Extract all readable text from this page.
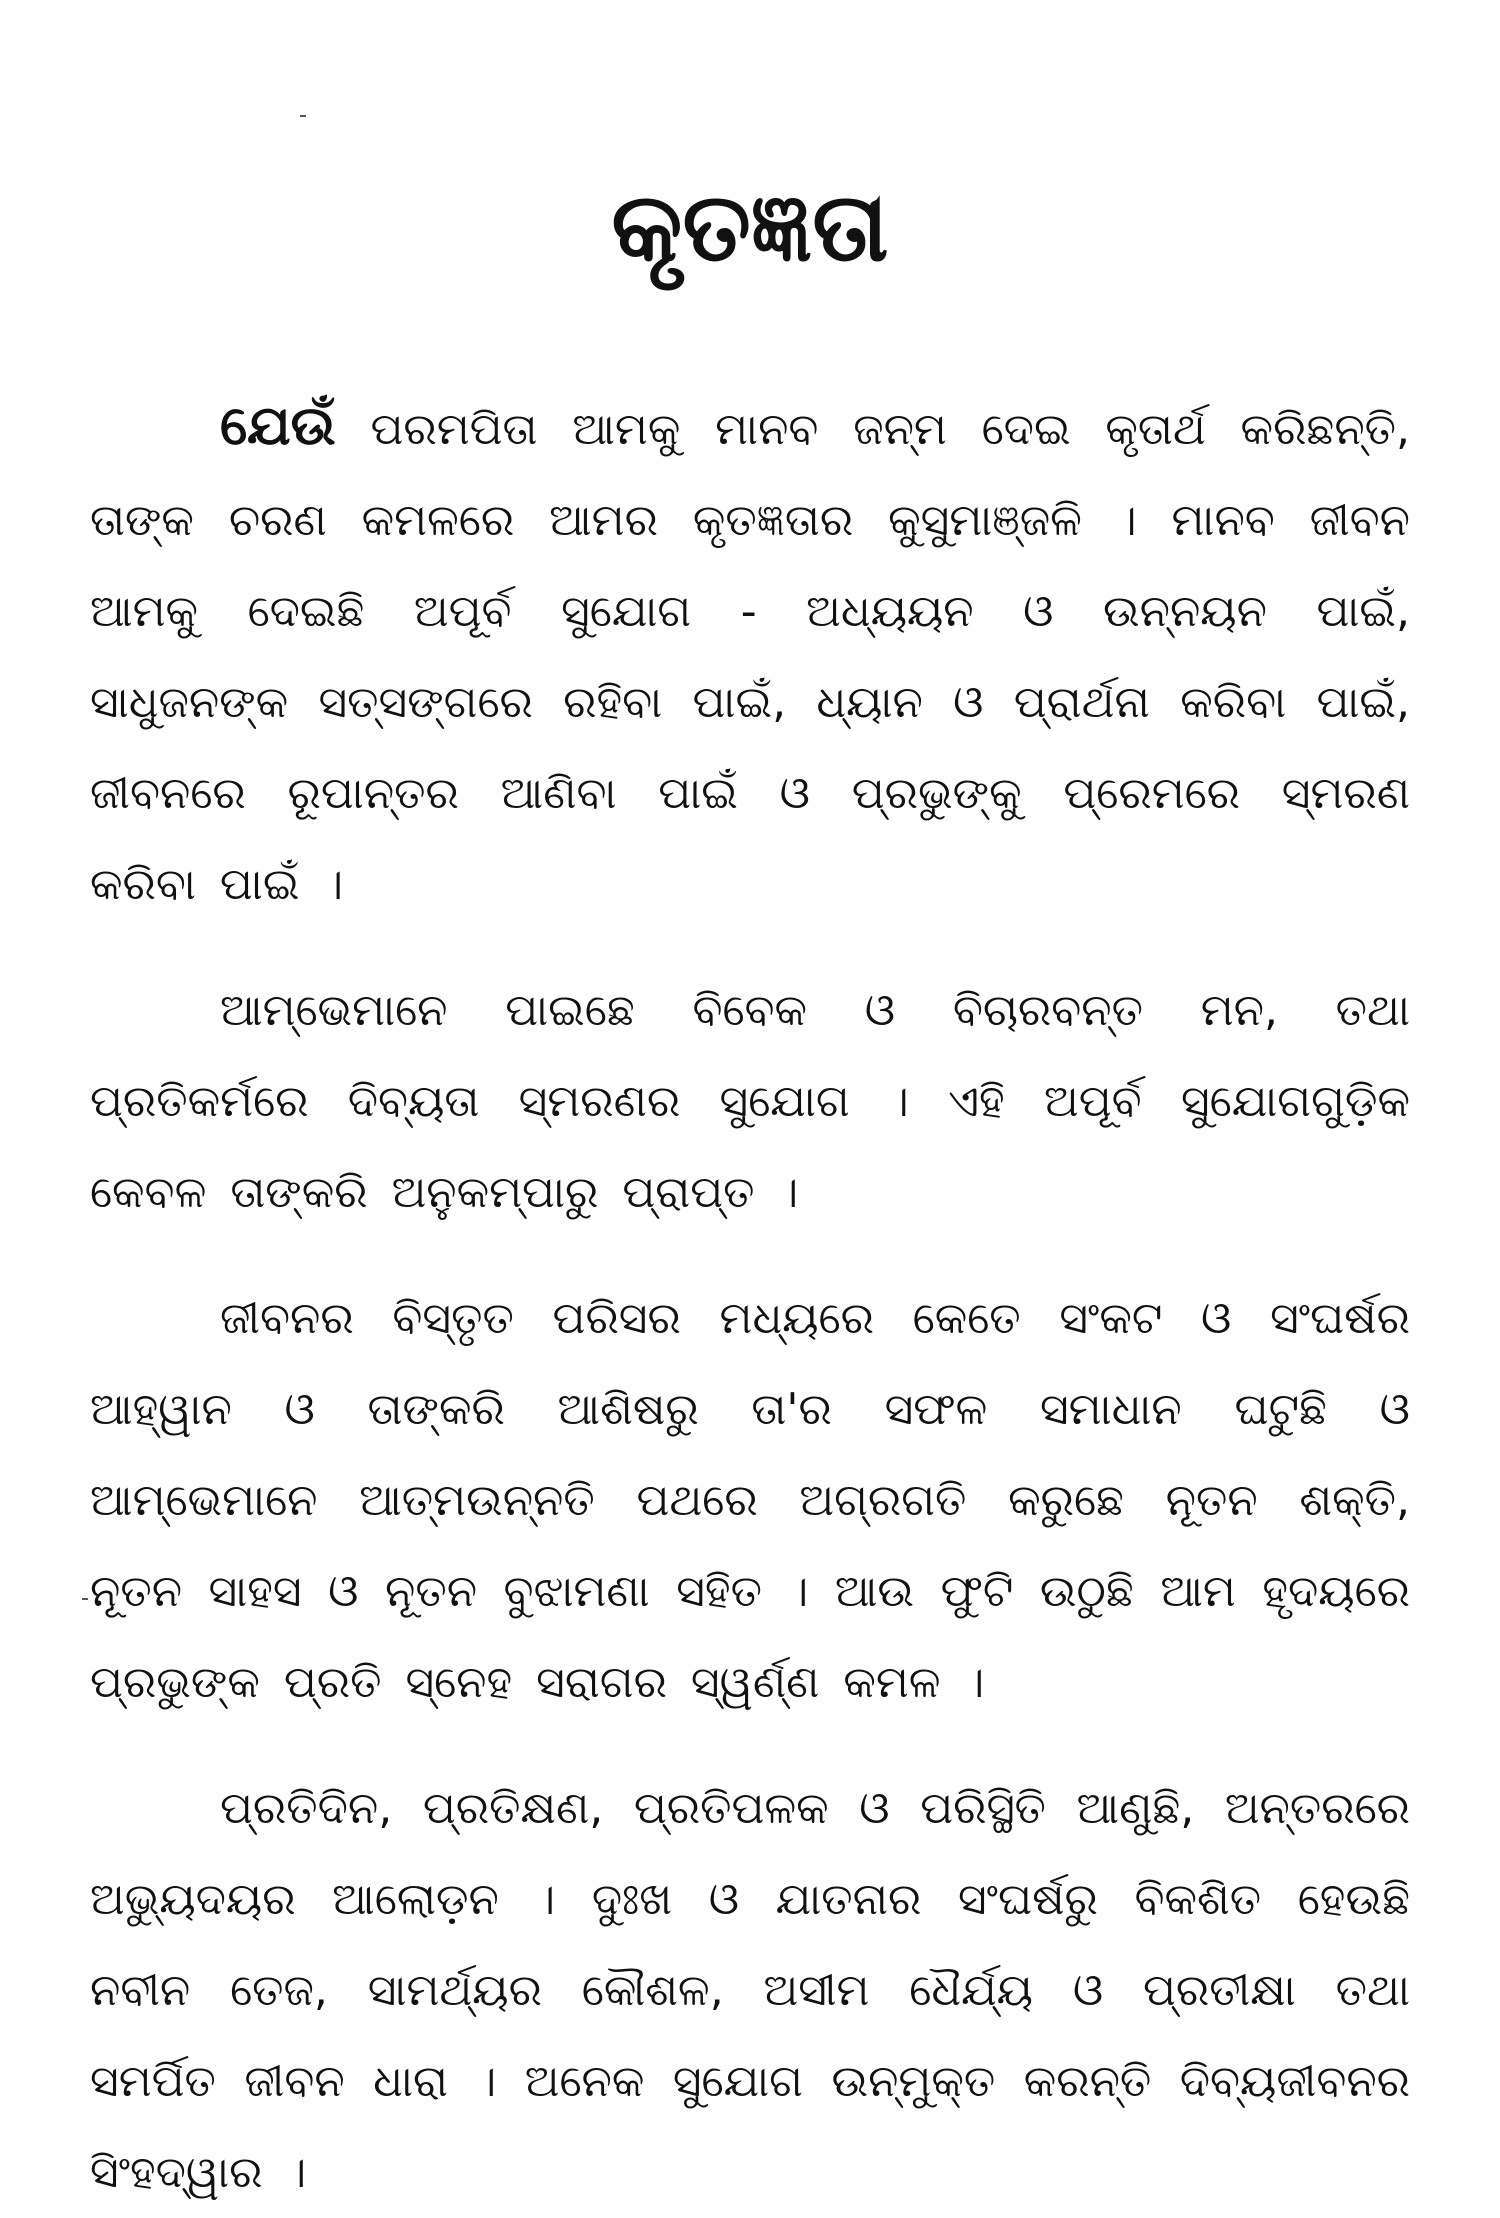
କୃତଜ୍ଞତା

ଯେଉଁ ପରମପିତା ଆମକୁ ମାନବ ଜନ୍ମ ଦେଇ କୃତାର୍ଥ କରିଛନ୍ତି, ତାଙ୍କ ଚରଣ କମଳରେ ଆମର କୃତଜ୍ଞତାର କୁସୁମାଞ୍ଜଳି । ମାନବ ଜୀବନ ଆମକୁ ଦେଇଛି ଅପୂର୍ବ ସୁଯୋଗ - ଅଧ୍ୟୟନ ଓ ଉନ୍ନୟନ ପାଇଁ, ସାଧୁଜନଙ୍କ ସତ୍‌ସଙ୍ଗରେ ରହିବା ପାଇଁ, ଧ୍ୟାନ ଓ ପ୍ରାର୍ଥନା କରିବା ପାଇଁ, ଜୀବନରେ ରୂପାନ୍ତର ଆଣିବା ପାଇଁ ଓ ପ୍ରଭୁଙ୍କୁ ପ୍ରେମରେ ସ୍ମରଣ କରିବା ପାଇଁ ।

ଆମ୍ଭେମାନେ ପାଇଛେ ବିବେକ ଓ ବିଚାରବନ୍ତ ମନ, ତଥା ପ୍ରତିକର୍ମରେ ଦିବ୍ୟତା ସ୍ମରଣର ସୁଯୋଗ । ଏହି ଅପୂର୍ବ ସୁଯୋଗଗୁଡ଼ିକ କେବଳ ତାଙ୍କରି ଅନୁକମ୍ପାରୁ ପ୍ରାପ୍ତ ।

ଜୀବନର ବିସ୍ତୃତ ପରିସର ମଧ୍ୟରେ କେତେ ସଂକଟ ଓ ସଂଘର୍ଷର ଆହ୍ୱାନ ଓ ତାଙ୍କରି ଆଶିଷରୁ ତା'ର ସଫଳ ସମାଧାନ ଘଟୁଛି ଓ ଆମ୍ଭେମାନେ ଆତ୍ମଉନ୍ନତି ପଥରେ ଅଗ୍ରଗତି କରୁଛେ ନୂତନ ଶକ୍ତି, ନୂତନ ସାହସ ଓ ନୂତନ ବୁଝାମଣା ସହିତ । ଆଉ ଫୁଟି ଉଠୁଛି ଆମ ହୃଦୟରେ ପ୍ରଭୁଙ୍କ ପ୍ରତି ସ୍ନେହ ସରାଗର ସ୍ୱର୍ଣ୍ଣ କମଳ ।

ପ୍ରତିଦିନ, ପ୍ରତିକ୍ଷଣ, ପ୍ରତିପଳକ ଓ ପରିସ୍ଥିତି ଆଣୁଛି, ଅନ୍ତରରେ ଅଭ୍ୟୁଦୟର ଆଲୋଡ଼ନ । ଦୁଃଖ ଓ ଯାତନାର ସଂଘର୍ଷରୁ ବିକଶିତ ହେଉଛି ନବୀନ ତେଜ, ସାମର୍ଥ୍ୟର କୌଶଳ, ଅସୀମ ଧୈର୍ଯ୍ୟ ଓ ପ୍ରତୀକ୍ଷା ତଥା ସମର୍ପିତ ଜୀବନ ଧାରା । ଅନେକ ସୁଯୋଗ ଉନ୍ମୁକ୍ତ କରନ୍ତି ଦିବ୍ୟଜୀବନର ସିଂହଦ୍ୱାର ।
